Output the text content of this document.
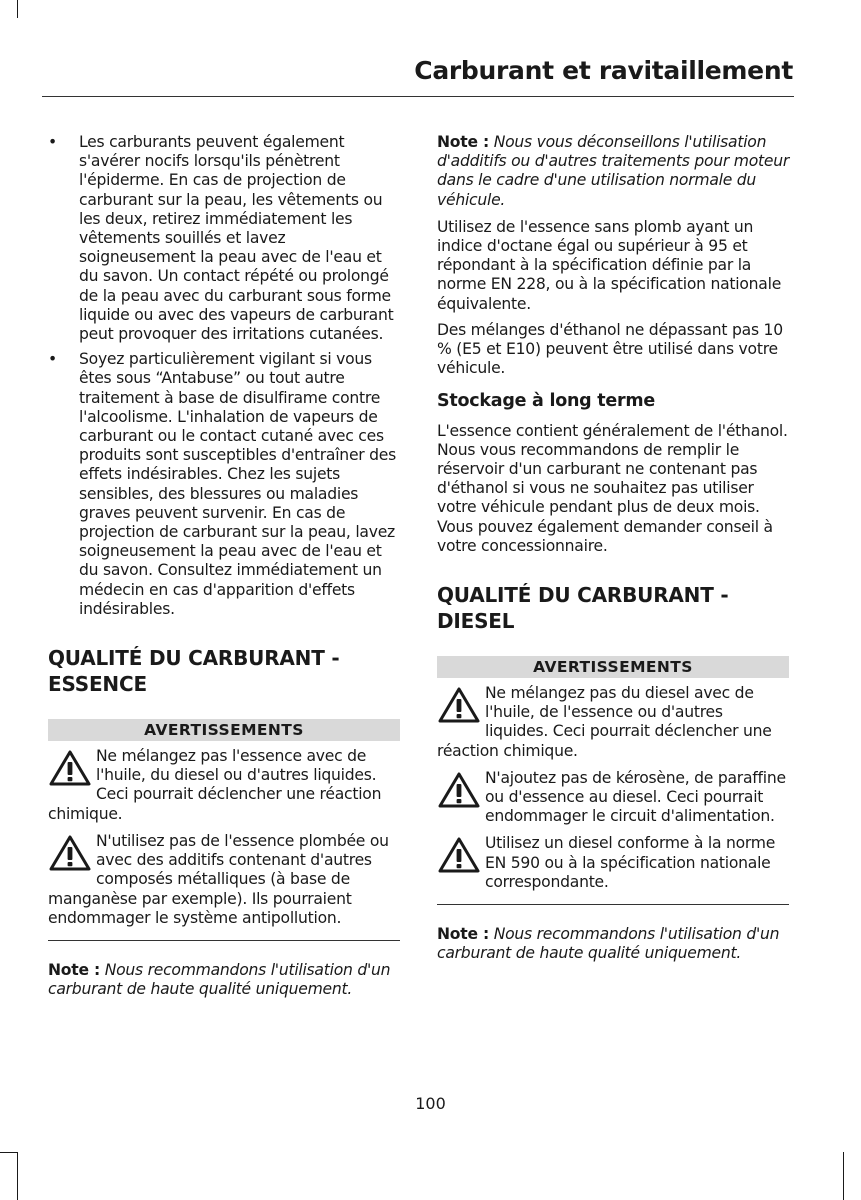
Carburant et ravitaillement
• Les carburants peuvent également s'avérer nocifs lorsqu'ils pénètrent l'épiderme. En cas de projection de carburant sur la peau, les vêtements ou les deux, retirez immédiatement les vêtements souillés et lavez soigneusement la peau avec de l'eau et du savon. Un contact répété ou prolongé de la peau avec du carburant sous forme liquide ou avec des vapeurs de carburant peut provoquer des irritations cutanées.
• Soyez particulièrement vigilant si vous êtes sous “Antabuse” ou tout autre traitement à base de disulfirame contre l'alcoolisme. L'inhalation de vapeurs de carburant ou le contact cutané avec ces produits sont susceptibles d'entraîner des effets indésirables. Chez les sujets sensibles, des blessures ou maladies graves peuvent survenir. En cas de projection de carburant sur la peau, lavez soigneusement la peau avec de l'eau et du savon. Consultez immédiatement un médecin en cas d'apparition d'effets indésirables.
QUALITÉ DU CARBURANT - ESSENCE
AVERTISSEMENTS
Ne mélangez pas l'essence avec de l'huile, du diesel ou d'autres liquides. Ceci pourrait déclencher une réaction chimique.
N'utilisez pas de l'essence plombée ou avec des additifs contenant d'autres composés métalliques (à base de manganèse par exemple). Ils pourraient endommager le système antipollution.
Note : Nous recommandons l'utilisation d'un carburant de haute qualité uniquement.
Note : Nous vous déconseillons l'utilisation d'additifs ou d'autres traitements pour moteur dans le cadre d'une utilisation normale du véhicule.

Utilisez de l'essence sans plomb ayant un indice d'octane égal ou supérieur à 95 et répondant à la spécification définie par la norme EN 228, ou à la spécification nationale équivalente.

Des mélanges d'éthanol ne dépassant pas 10 % (E5 et E10) peuvent être utilisé dans votre véhicule.

Stockage à long terme

L'essence contient généralement de l'éthanol. Nous vous recommandons de remplir le réservoir d'un carburant ne contenant pas d'éthanol si vous ne souhaitez pas utiliser votre véhicule pendant plus de deux mois. Vous pouvez également demander conseil à votre concessionnaire.

QUALITÉ DU CARBURANT - DIESEL
AVERTISSEMENTS
Ne mélangez pas du diesel avec de l'huile, de l'essence ou d'autres liquides. Ceci pourrait déclencher une réaction chimique.
N'ajoutez pas de kérosène, de paraffine ou d'essence au diesel. Ceci pourrait endommager le circuit d'alimentation.
Utilisez un diesel conforme à la norme EN 590 ou à la spécification nationale correspondante.
Note : Nous recommandons l'utilisation d'un carburant de haute qualité uniquement.
100
